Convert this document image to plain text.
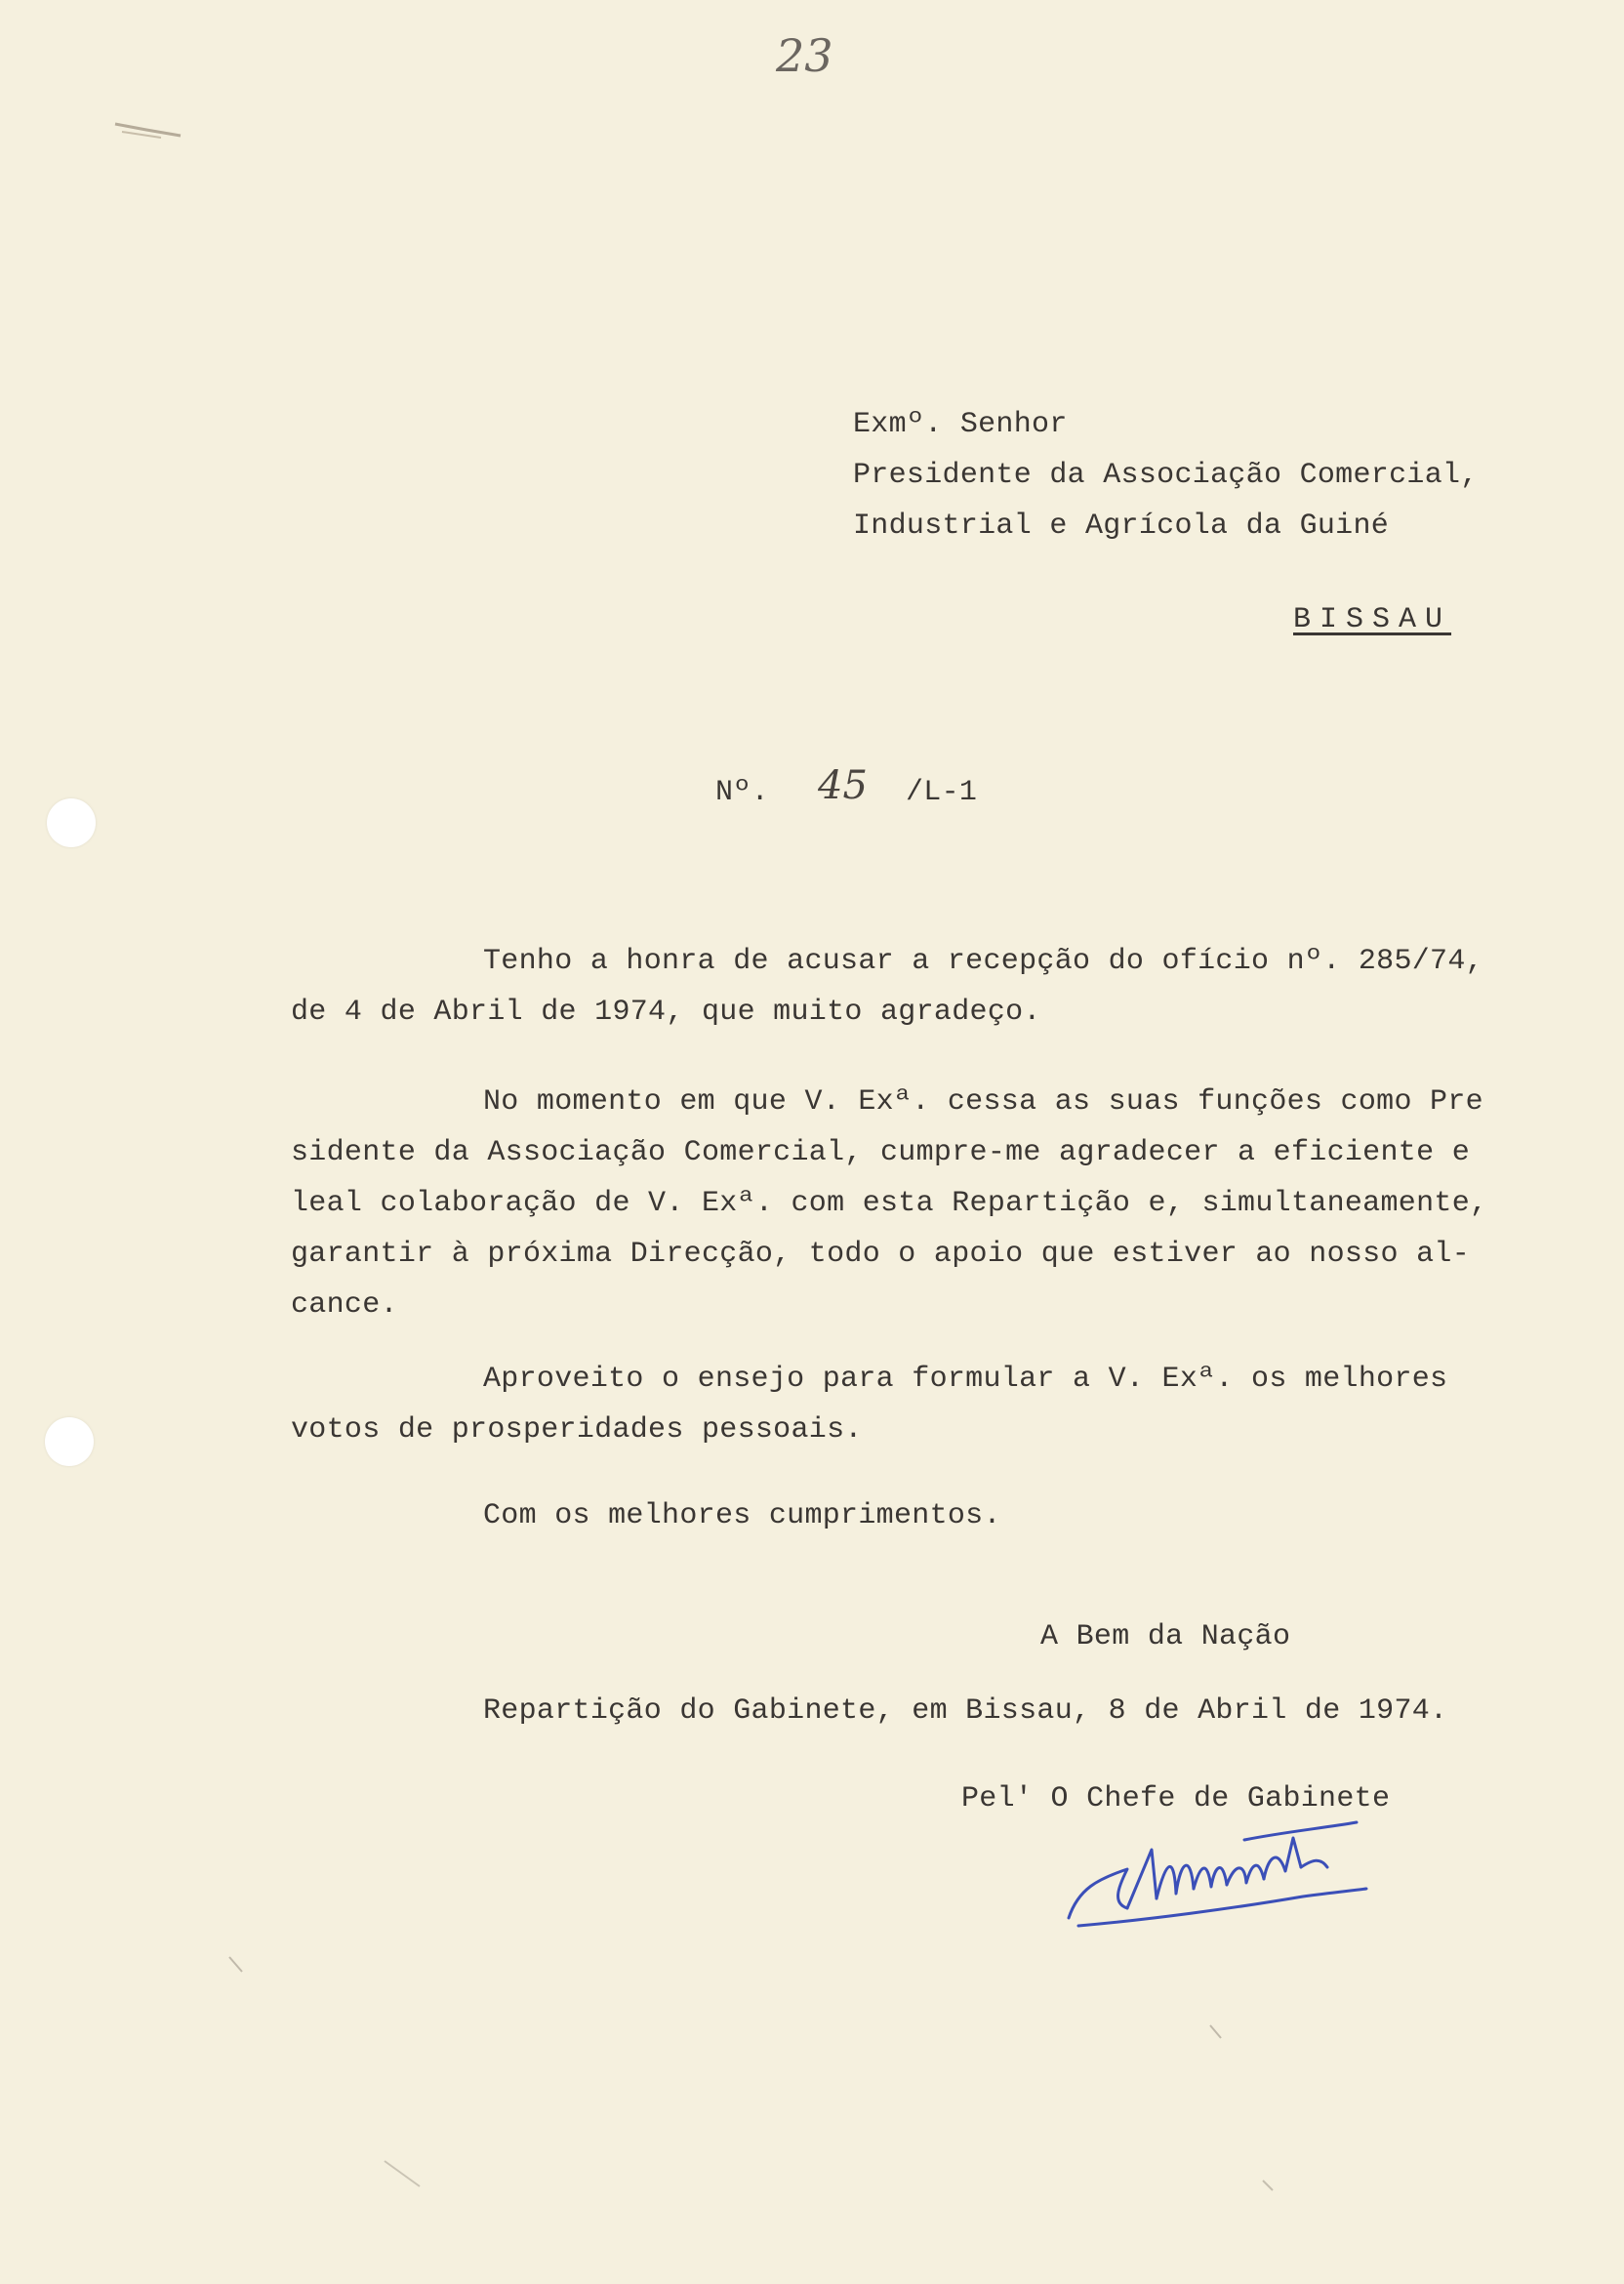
23
Exmº. Senhor
Presidente da Associação Comercial,
Industrial e Agrícola da Guiné
BISSAU
Nº. 45 /L-1
Tenho a honra de acusar a recepção do ofício nº. 285/74,
de 4 de Abril de 1974, que muito agradeço.
No momento em que V. Exª. cessa as suas funções como Pre
sidente da Associação Comercial, cumpre-me agradecer a eficiente e
leal colaboração de V. Exª. com esta Repartição e, simultaneamente,
garantir à próxima Direcção, todo o apoio que estiver ao nosso al-
cance.
Aproveito o ensejo para formular a V. Exª. os melhores
votos de prosperidades pessoais.
Com os melhores cumprimentos.
A Bem da Nação
Repartição do Gabinete, em Bissau, 8 de Abril de 1974.
Pel' O Chefe de Gabinete
